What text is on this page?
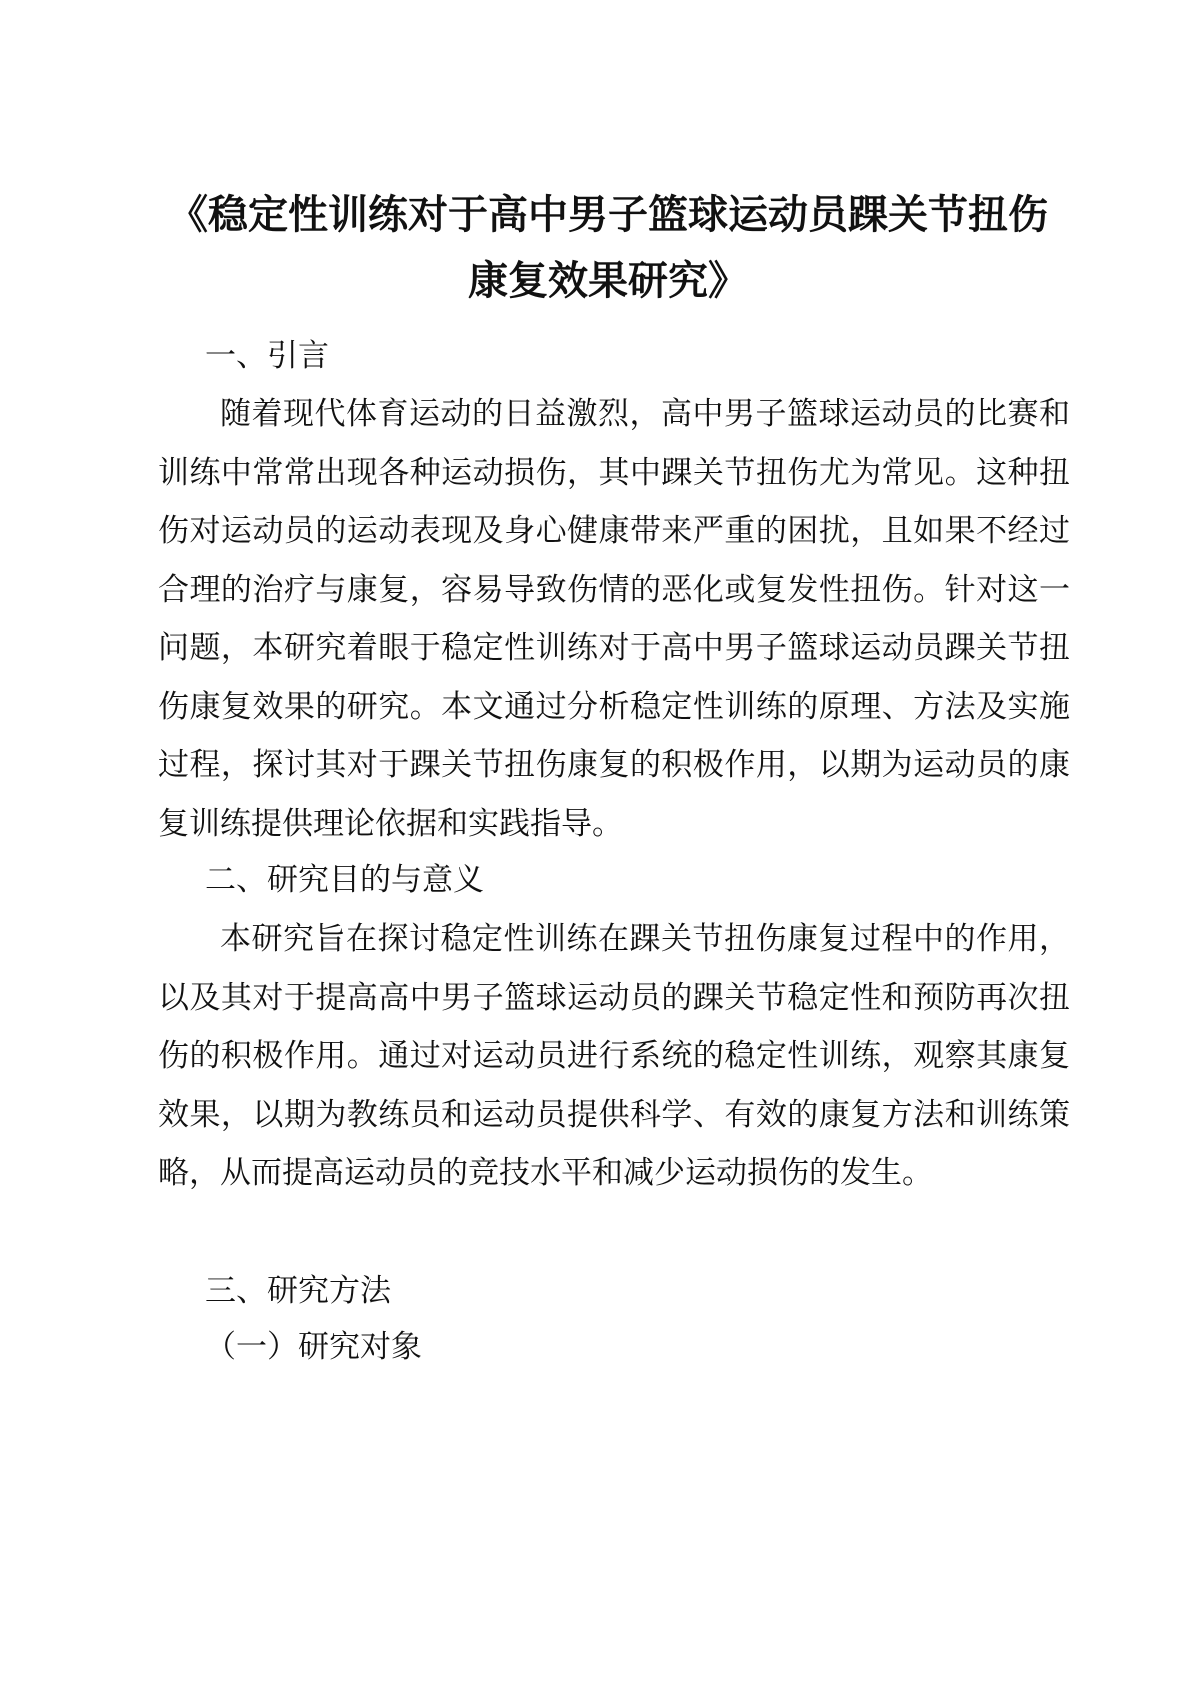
《稳定性训练对于高中男子篮球运动员踝关节扭伤康复效果研究》
一、引言

随着现代体育运动的日益激烈，高中男子篮球运动员的比赛和训练中常常出现各种运动损伤，其中踝关节扭伤尤为常见。这种扭伤对运动员的运动表现及身心健康带来严重的困扰，且如果不经过合理的治疗与康复，容易导致伤情的恶化或复发性扭伤。针对这一问题，本研究着眼于稳定性训练对于高中男子篮球运动员踝关节扭伤康复效果的研究。本文通过分析稳定性训练的原理、方法及实施过程，探讨其对于踝关节扭伤康复的积极作用，以期为运动员的康复训练提供理论依据和实践指导。

二、研究目的与意义

本研究旨在探讨稳定性训练在踝关节扭伤康复过程中的作用，以及其对于提高高中男子篮球运动员的踝关节稳定性和预防再次扭伤的积极作用。通过对运动员进行系统的稳定性训练，观察其康复效果，以期为教练员和运动员提供科学、有效的康复方法和训练策略，从而提高运动员的竞技水平和减少运动损伤的发生。

三、研究方法
（一）研究对象
